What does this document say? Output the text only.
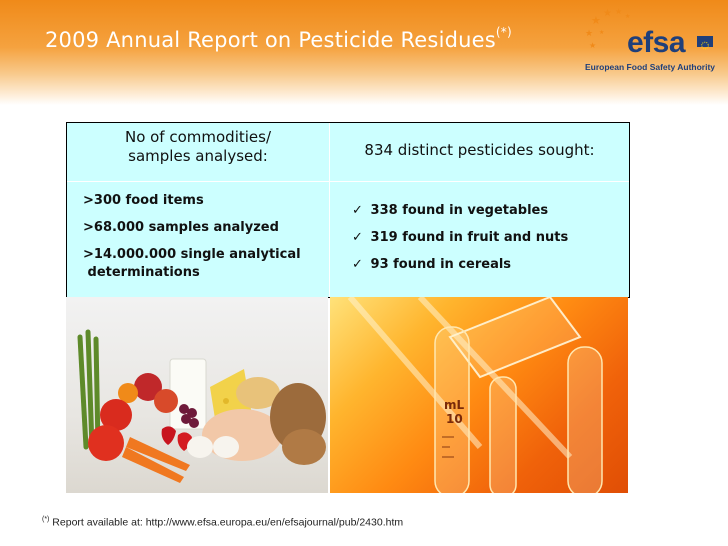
2009 Annual Report on Pesticide Residues(*)
★ ★
★
★
★
★
★ efsa
European Food Safety Authority
No of commodities/
samples analysed:	834 distinct pesticides sought:
>300 food items
>68.000 samples analyzed
>14.000.000 single analytical
determinations
✓ 338 found in vegetables
✓ 319 found in fruit and nuts
✓ 93 found in cereals
mL
10
(*) Report available at: http://www.efsa.europa.eu/en/efsajournal/pub/2430.htm
